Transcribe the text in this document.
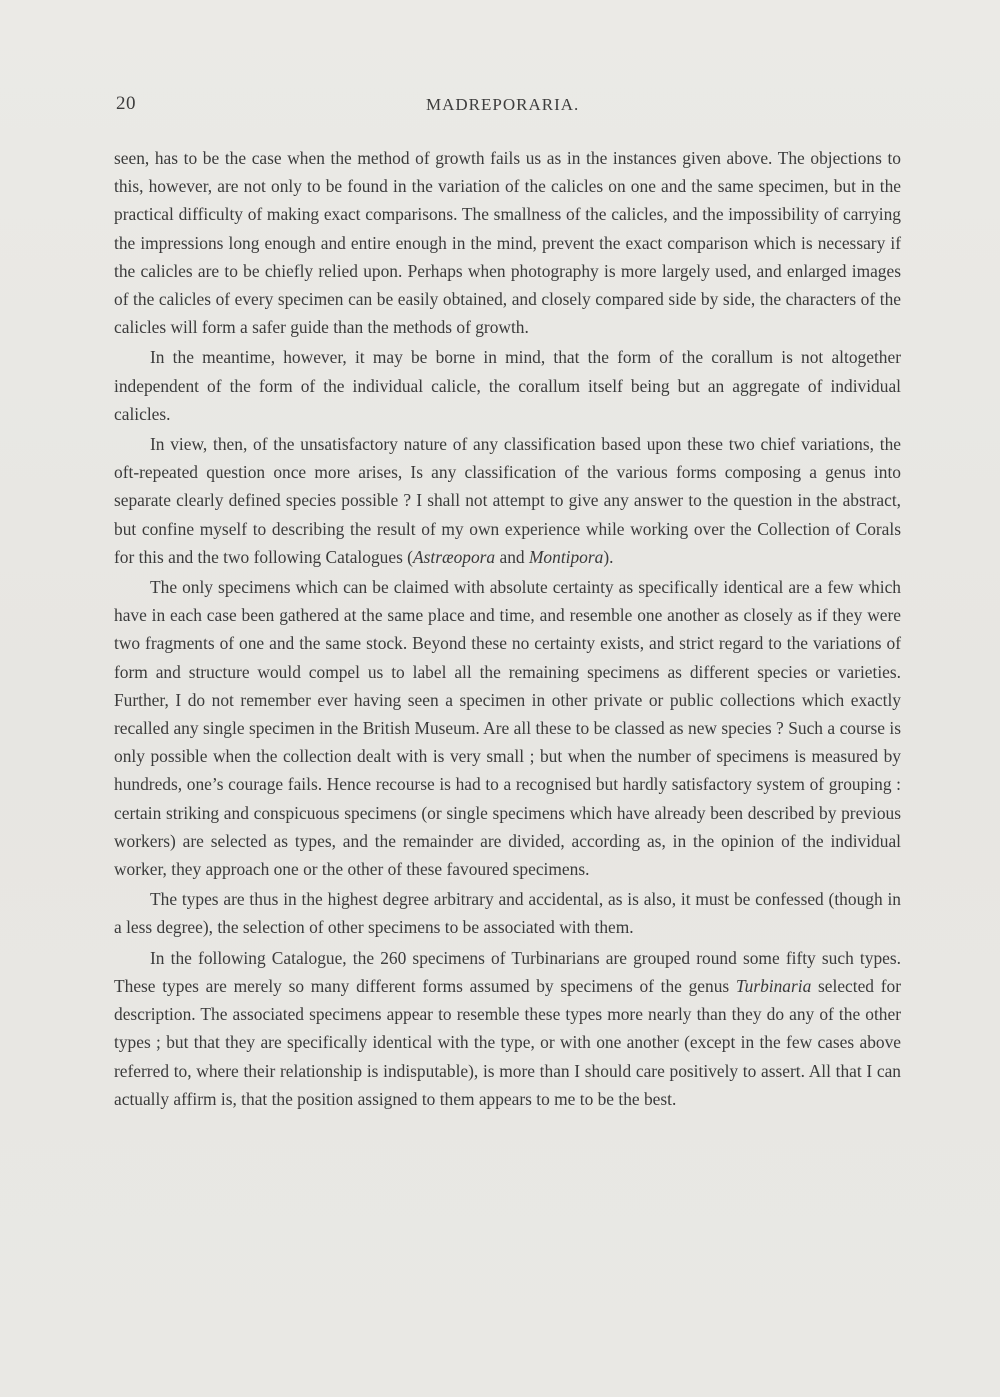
20	MADREPORARIA.

seen, has to be the case when the method of growth fails us as in the instances given above. The objections to this, however, are not only to be found in the variation of the calicles on one and the same specimen, but in the practical difficulty of making exact comparisons. The smallness of the calicles, and the impossibility of carrying the impressions long enough and entire enough in the mind, prevent the exact comparison which is necessary if the calicles are to be chiefly relied upon. Perhaps when photography is more largely used, and enlarged images of the calicles of every specimen can be easily obtained, and closely compared side by side, the characters of the calicles will form a safer guide than the methods of growth.

In the meantime, however, it may be borne in mind, that the form of the corallum is not altogether independent of the form of the individual calicle, the corallum itself being but an aggregate of individual calicles.

In view, then, of the unsatisfactory nature of any classification based upon these two chief variations, the oft-repeated question once more arises, Is any classification of the various forms composing a genus into separate clearly defined species possible ? I shall not attempt to give any answer to the question in the abstract, but confine myself to describing the result of my own experience while working over the Collection of Corals for this and the two following Catalogues (Astræopora and Montipora).

The only specimens which can be claimed with absolute certainty as specifically identical are a few which have in each case been gathered at the same place and time, and resemble one another as closely as if they were two fragments of one and the same stock. Beyond these no certainty exists, and strict regard to the variations of form and structure would compel us to label all the remaining specimens as different species or varieties. Further, I do not remember ever having seen a specimen in other private or public collections which exactly recalled any single specimen in the British Museum. Are all these to be classed as new species ? Such a course is only possible when the collection dealt with is very small ; but when the number of specimens is measured by hundreds, one’s courage fails. Hence recourse is had to a recognised but hardly satisfactory system of grouping : certain striking and conspicuous specimens (or single specimens which have already been described by previous workers) are selected as types, and the remainder are divided, according as, in the opinion of the individual worker, they approach one or the other of these favoured specimens.

The types are thus in the highest degree arbitrary and accidental, as is also, it must be confessed (though in a less degree), the selection of other specimens to be associated with them.

In the following Catalogue, the 260 specimens of Turbinarians are grouped round some fifty such types. These types are merely so many different forms assumed by specimens of the genus Turbinaria selected for description. The associated specimens appear to resemble these types more nearly than they do any of the other types ; but that they are specifically identical with the type, or with one another (except in the few cases above referred to, where their relationship is indisputable), is more than I should care positively to assert. All that I can actually affirm is, that the position assigned to them appears to me to be the best.
